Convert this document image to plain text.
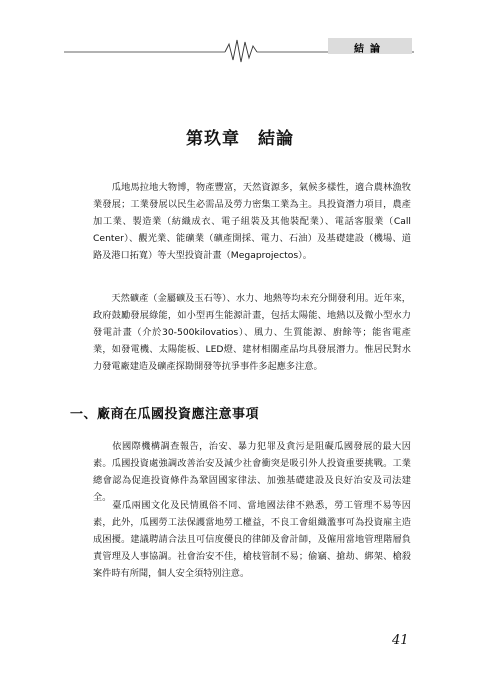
結論
第玖章　結論

　　瓜地馬拉地大物博，物產豐富，天然資源多，氣候多樣性，適合農林漁牧業發展；工業發展以民生必需品及勞力密集工業為主。具投資潛力項目，農產加工業、製造業（紡織成衣、電子組裝及其他裝配業）、電話客服業（Call Center）、觀光業、能礦業（礦產開採、電力、石油）及基礎建設（機場、道路及港口拓寬）等大型投資計畫（Megaprojectos）。

　　天然礦產（金屬礦及玉石等）、水力、地熱等均未充分開發利用。近年來，政府鼓勵發展綠能，如小型再生能源計畫，包括太陽能、地熱以及微小型水力發電計畫（介於30-500kilovatios）、風力、生質能源、廚餘等；能省電產業，如發電機、太陽能板、LED燈、建材相關產品均具發展潛力。惟居民對水力發電廠建造及礦產探勘開發等抗爭事件多起應多注意。

一、廠商在瓜國投資應注意事項

　　依國際機構調查報告，治安、暴力犯罪及貪污是阻礙瓜國發展的最大因素。瓜國投資處強調改善治安及減少社會衝突是吸引外人投資重要挑戰。工業總會認為促進投資條件為鞏固國家律法、加強基礎建設及良好治安及司法建全。

　　臺瓜兩國文化及民情風俗不同、當地國法律不熟悉，勞工管理不易等因素，此外，瓜國勞工法保護當地勞工權益，不良工會組織濫事可為投資雇主造成困擾。建議聘請合法且可信度優良的律師及會計師，及僱用當地管理階層負責管理及人事協調。社會治安不佳，槍枝管制不易；偷竊、搶劫、綁架、槍殺案件時有所聞，個人安全須特別注意。

41
